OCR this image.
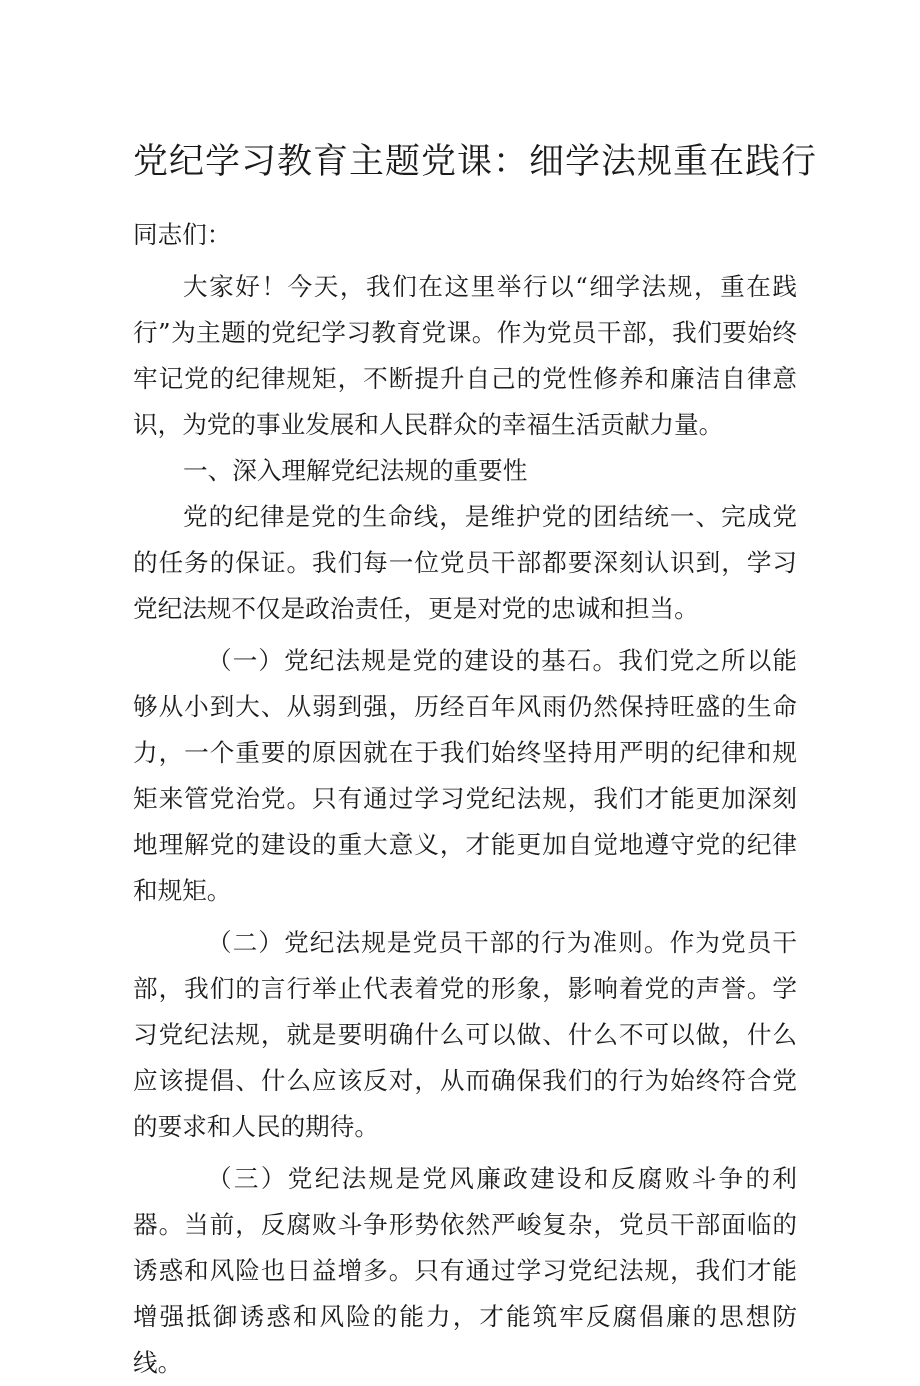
党纪学习教育主题党课：细学法规重在践行

同志们：

大家好！今天，我们在这里举行以“细学法规，重在践行”为主题的党纪学习教育党课。作为党员干部，我们要始终牢记党的纪律规矩，不断提升自己的党性修养和廉洁自律意识，为党的事业发展和人民群众的幸福生活贡献力量。

一、深入理解党纪法规的重要性

党的纪律是党的生命线，是维护党的团结统一、完成党的任务的保证。我们每一位党员干部都要深刻认识到，学习党纪法规不仅是政治责任，更是对党的忠诚和担当。

（一）党纪法规是党的建设的基石。我们党之所以能够从小到大、从弱到强，历经百年风雨仍然保持旺盛的生命力，一个重要的原因就在于我们始终坚持用严明的纪律和规矩来管党治党。只有通过学习党纪法规，我们才能更加深刻地理解党的建设的重大意义，才能更加自觉地遵守党的纪律和规矩。

（二）党纪法规是党员干部的行为准则。作为党员干部，我们的言行举止代表着党的形象，影响着党的声誉。学习党纪法规，就是要明确什么可以做、什么不可以做，什么应该提倡、什么应该反对，从而确保我们的行为始终符合党的要求和人民的期待。

（三）党纪法规是党风廉政建设和反腐败斗争的利器。当前，反腐败斗争形势依然严峻复杂，党员干部面临的诱惑和风险也日益增多。只有通过学习党纪法规，我们才能增强抵御诱惑和风险的能力，才能筑牢反腐倡廉的思想防线。
